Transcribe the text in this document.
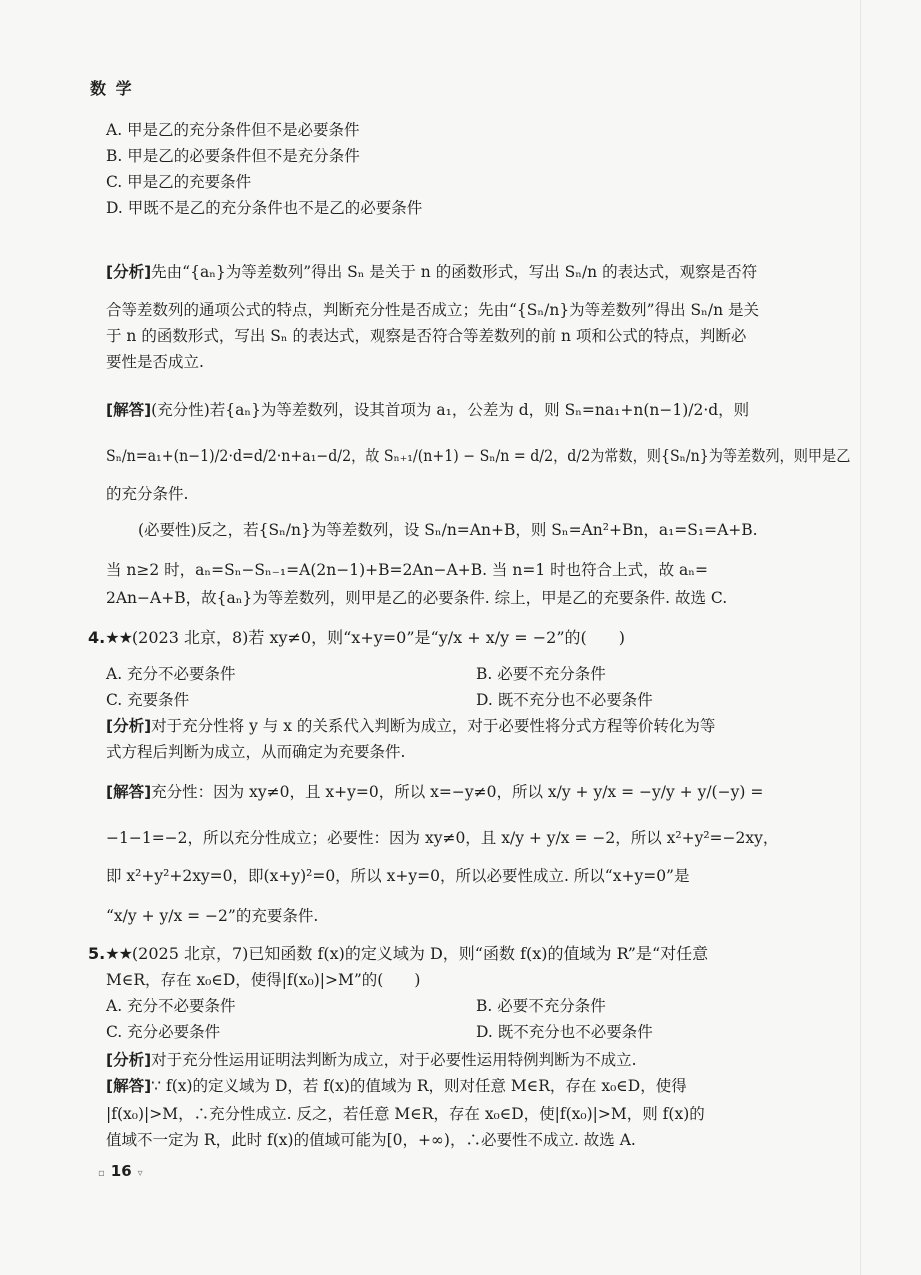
数 学
A. 甲是乙的充分条件但不是必要条件
B. 甲是乙的必要条件但不是充分条件
C. 甲是乙的充要条件
D. 甲既不是乙的充分条件也不是乙的必要条件
[分析]先由“{aₙ}为等差数列”得出 Sₙ 是关于 n 的函数形式，写出 Sₙ/n 的表达式，观察是否符
合等差数列的通项公式的特点，判断充分性是否成立；先由“{Sₙ/n}为等差数列”得出 Sₙ/n 是关
于 n 的函数形式，写出 Sₙ 的表达式，观察是否符合等差数列的前 n 项和公式的特点，判断必
要性是否成立.
[解答](充分性)若{aₙ}为等差数列，设其首项为 a₁，公差为 d，则 Sₙ=na₁+n(n−1)/2·d，则
Sₙ/n=a₁+(n−1)/2·d=d/2·n+a₁−d/2，故 Sₙ₊₁/(n+1) − Sₙ/n = d/2，d/2为常数，则{Sₙ/n}为等差数列，则甲是乙
的充分条件.
(必要性)反之，若{Sₙ/n}为等差数列，设 Sₙ/n=An+B，则 Sₙ=An²+Bn，a₁=S₁=A+B.
当 n≥2 时，aₙ=Sₙ−Sₙ₋₁=A(2n−1)+B=2An−A+B. 当 n=1 时也符合上式，故 aₙ=
2An−A+B，故{aₙ}为等差数列，则甲是乙的必要条件. 综上，甲是乙的充要条件. 故选 C.
4.★★(2023 北京，8)若 xy≠0，则“x+y=0”是“y/x + x/y = −2”的(　　)
A. 充分不必要条件	B. 必要不充分条件
C. 充要条件	D. 既不充分也不必要条件
[分析]对于充分性将 y 与 x 的关系代入判断为成立，对于必要性将分式方程等价转化为等
式方程后判断为成立，从而确定为充要条件.
[解答]充分性：因为 xy≠0，且 x+y=0，所以 x=−y≠0，所以 x/y + y/x = −y/y + y/(−y) =
−1−1=−2，所以充分性成立；必要性：因为 xy≠0，且 x/y + y/x = −2，所以 x²+y²=−2xy，
即 x²+y²+2xy=0，即(x+y)²=0，所以 x+y=0，所以必要性成立. 所以“x+y=0”是
“x/y + y/x = −2”的充要条件.
5.★★(2025 北京，7)已知函数 f(x)的定义域为 D，则“函数 f(x)的值域为 R”是“对任意
M∈R，存在 x₀∈D，使得|f(x₀)|>M”的(　　)
A. 充分不必要条件	B. 必要不充分条件
C. 充分必要条件	D. 既不充分也不必要条件
[分析]对于充分性运用证明法判断为成立，对于必要性运用特例判断为不成立.
[解答]∵ f(x)的定义域为 D，若 f(x)的值域为 R，则对任意 M∈R，存在 x₀∈D，使得
|f(x₀)|>M，∴充分性成立. 反之，若任意 M∈R，存在 x₀∈D，使|f(x₀)|>M，则 f(x)的
值域不一定为 R，此时 f(x)的值域可能为[0，+∞)，∴必要性不成立. 故选 A.
▫ 16 ▿
